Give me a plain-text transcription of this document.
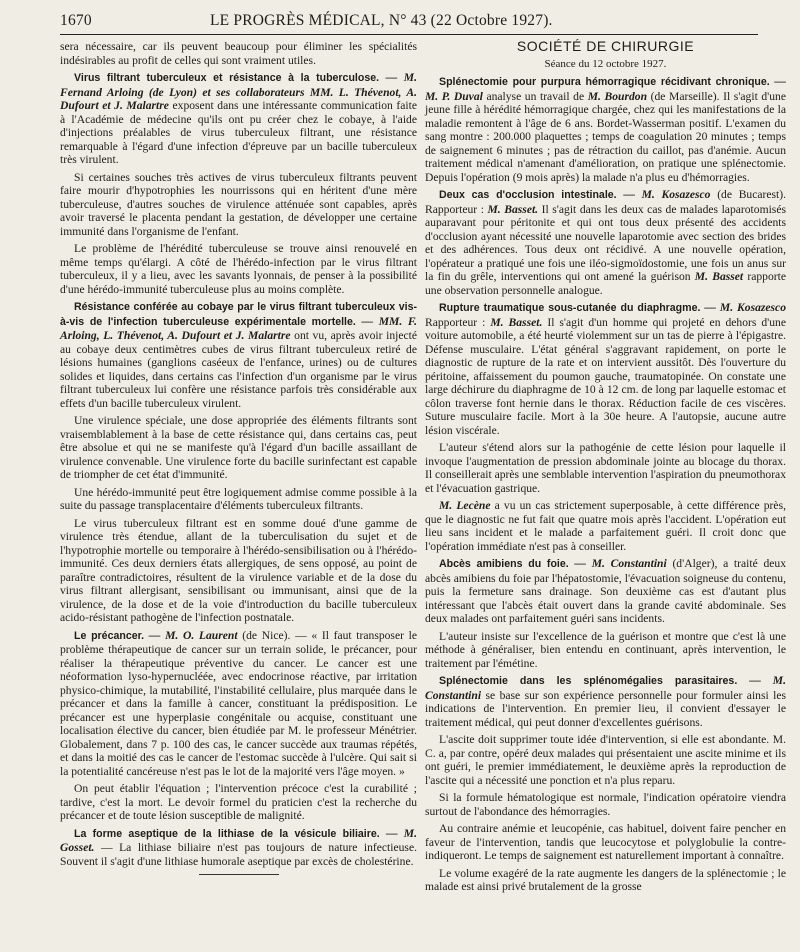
1670	LE PROGRÈS MÉDICAL, N° 43 (22 Octobre 1927).

sera nécessaire, car ils peuvent beaucoup pour éliminer les spécialités indésirables au profit de celles qui sont vraiment utiles.

Virus filtrant tuberculeux et résistance à la tuberculose. — M. Fernand Arloing (de Lyon) et ses collaborateurs MM. L. Thévenot, A. Dufourt et J. Malartre exposent dans une intéressante communication faite à l'Académie de médecine qu'ils ont pu créer chez le cobaye, à l'aide d'injections préalables de virus tuberculeux filtrant, une résistance remarquable à l'égard d'une infection d'épreuve par un bacille tuberculeux très virulent.

Si certaines souches très actives de virus tuberculeux filtrants peuvent faire mourir d'hypotrophies les nourrissons qui en héritent d'une mère tuberculeuse, d'autres souches de virulence atténuée sont capables, après avoir traversé le placenta pendant la gestation, de développer une certaine immunité dans l'organisme de l'enfant.

Le problème de l'hérédité tuberculeuse se trouve ainsi renouvelé en même temps qu'élargi. A côté de l'hérédo-infection par le virus filtrant tuberculeux, il y a lieu, avec les savants lyonnais, de penser à la possibilité d'une hérédo-immunité tuberculeuse plus au moins complète.

Résistance conférée au cobaye par le virus filtrant tuberculeux vis-à-vis de l'infection tuberculeuse expérimentale mortelle. — MM. F. Arloing, L. Thévenot, A. Dufourt et J. Malartre ont vu, après avoir injecté au cobaye deux centimètres cubes de virus filtrant tuberculeux retiré de lésions humaines (ganglions caséeux de l'enfance, urines) ou de cultures solides et liquides, dans certains cas l'infection d'un organisme par le virus filtrant tuberculeux lui confère une résistance parfois très considérable aux effets d'un bacille tuberculeux virulent.

Une virulence spéciale, une dose appropriée des éléments filtrants sont vraisemblablement à la base de cette résistance qui, dans certains cas, peut être absolue et qui ne se manifeste qu'à l'égard d'un bacille assaillant de virulence convenable. Une virulence forte du bacille surinfectant est capable de triompher de cet état d'immunité.

Une hérédo-immunité peut être logiquement admise comme possible à la suite du passage transplacentaire d'éléments tuberculeux filtrants.

Le virus tuberculeux filtrant est en somme doué d'une gamme de virulence très étendue, allant de la tuberculisation du sujet et de l'hypotrophie mortelle ou temporaire à l'hérédo-sensibilisation ou à l'hérédo-immunité. Ces deux derniers états allergiques, de sens opposé, au point de paraître contradictoires, résultent de la virulence variable et de la dose du virus filtrant allergisant, sensibilisant ou immunisant, ainsi que de la virulence, de la dose et de la voie d'introduction du bacille tuberculeux acido-résistant pathogène de l'infection postnatale.

Le précancer. — M. O. Laurent (de Nice). — « Il faut transposer le problème thérapeutique de cancer sur un terrain solide, le précancer, pour réaliser la thérapeutique préventive du cancer. Le cancer est une néoformation lyso-hypernucléée, avec endocrinose réactive, par irritation physico-chimique, la mutabilité, l'instabilité cellulaire, plus marquée dans le précancer et dans la famille à cancer, constituant la prédisposition. Le précancer est une hyperplasie congénitale ou acquise, constituant une localisation élective du cancer, bien étudiée par M. le professeur Ménétrier. Globalement, dans 7 p. 100 des cas, le cancer succède aux traumas répétés, et dans la moitié des cas le cancer de l'estomac succède à l'ulcère. Qui sait si la potentialité cancéreuse n'est pas le lot de la majorité vers l'âge moyen. »

On peut établir l'équation ; l'intervention précoce c'est la curabilité ; tardive, c'est la mort. Le devoir formel du praticien c'est la recherche du précancer et de toute lésion susceptible de malignité.

La forme aseptique de la lithiase de la vésicule biliaire. — M. Gosset. — La lithiase biliaire n'est pas toujours de nature infectieuse. Souvent il s'agit d'une lithiase humorale aseptique par excès de cholestérine.

SOCIÉTÉ DE CHIRURGIE

Séance du 12 octobre 1927.

Splénectomie pour purpura hémorragique récidivant chronique. — M. P. Duval analyse un travail de M. Bourdon (de Marseille). Il s'agit d'une jeune fille à hérédité hémorragique chargée, chez qui les manifestations de la maladie remontent à l'âge de 6 ans. Bordet-Wasserman positif. L'examen du sang montre : 200.000 plaquettes ; temps de coagulation 20 minutes ; temps de saignement 6 minutes ; pas de rétraction du caillot, pas d'anémie. Aucun traitement médical n'amenant d'amélioration, on pratique une splénectomie. Depuis l'opération (9 mois après) la malade n'a plus eu d'hémorragies.

Deux cas d'occlusion intestinale. — M. Kosazesco (de Bucarest). Rapporteur : M. Basset. Il s'agit dans les deux cas de malades laparotomisés auparavant pour péritonite et qui ont tous deux présenté des accidents d'occlusion ayant nécessité une nouvelle laparotomie avec section des brides et des adhérences. Tous deux ont récidivé. A une nouvelle opération, l'opérateur a pratiqué une fois une iléo-sigmoïdostomie, une fois un anus sur la fin du grêle, interventions qui ont amené la guérison M. Basset rapporte une observation personnelle analogue.

Rupture traumatique sous-cutanée du diaphragme. — M. Kosazesco Rapporteur : M. Basset. Il s'agit d'un homme qui projeté en dehors d'une voiture automobile, a été heurté violemment sur un tas de pierre à l'épigastre. Défense musculaire. L'état général s'aggravant rapidement, on porte le diagnostic de rupture de la rate et on intervient aussitôt. Dès l'ouverture du péritoine, affaissement du poumon gauche, traumatopinée. On constate une large déchirure du diaphragme de 10 à 12 cm. de long par laquelle estomac et côlon traverse font hernie dans le thorax. Réduction facile de ces viscères. Suture musculaire facile. Mort à la 30e heure. A l'autopsie, aucune autre lésion viscérale.

L'auteur s'étend alors sur la pathogénie de cette lésion pour laquelle il invoque l'augmentation de pression abdominale jointe au blocage du thorax. Il conseillerait après une semblable intervention l'aspiration du pneumothorax et l'évacuation gastrique.

M. Lecène a vu un cas strictement superposable, à cette différence près, que le diagnostic ne fut fait que quatre mois après l'accident. L'opération eut lieu sans incident et le malade a parfaitement guéri. Il croit donc que l'opération immédiate n'est pas à conseiller.

Abcès amibiens du foie. — M. Constantini (d'Alger), a traité deux abcès amibiens du foie par l'hépatostomie, l'évacuation soigneuse du contenu, puis la fermeture sans drainage. Son deuxième cas est d'autant plus intéressant que l'abcès était ouvert dans la grande cavité abdominale. Ses deux malades ont parfaitement guéri sans incidents.

L'auteur insiste sur l'excellence de la guérison et montre que c'est là une méthode à généraliser, bien entendu en continuant, après intervention, le traitement par l'émétine.

Splénectomie dans les splénomégalies parasitaires. — M. Constantini se base sur son expérience personnelle pour formuler ainsi les indications de l'intervention. En premier lieu, il convient d'essayer le traitement médical, qui peut donner d'excellentes guérisons.

L'ascite doit supprimer toute idée d'intervention, si elle est abondante. M. C. a, par contre, opéré deux malades qui présentaient une ascite minime et ils ont guéri, le premier immédiatement, le deuxième après la reproduction de l'ascite qui a nécessité une ponction et n'a plus reparu.

Si la formule hématologique est normale, l'indication opératoire viendra surtout de l'abondance des hémorragies.

Au contraire anémie et leucopénie, cas habituel, doivent faire pencher en faveur de l'intervention, tandis que leucocytose et polyglobulie la contre-indiqueront. Le temps de saignement est naturellement important à connaître.

Le volume exagéré de la rate augmente les dangers de la splénectomie ; le malade est ainsi privé brutalement de la grosse
